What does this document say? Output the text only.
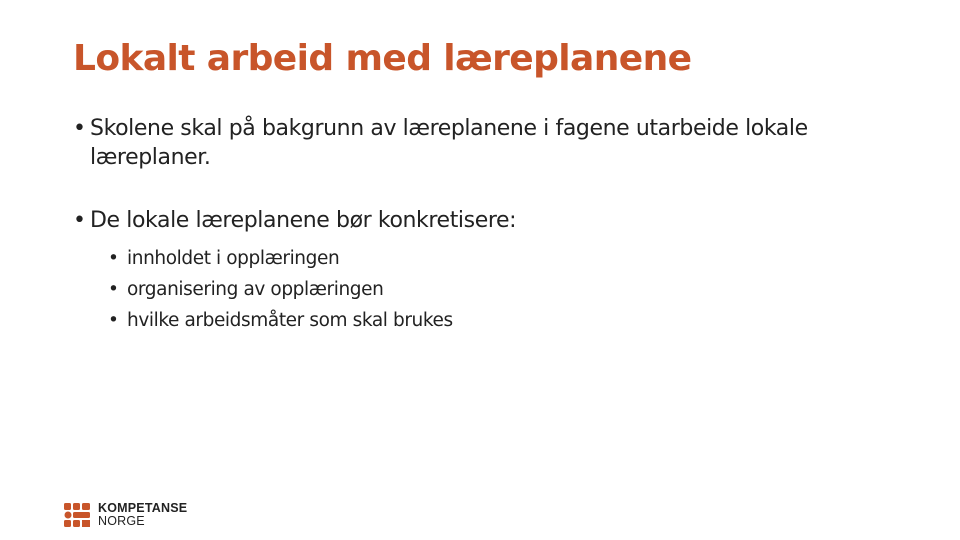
Lokalt arbeid med læreplanene
• Skolene skal på bakgrunn av læreplanene i fagene utarbeide lokale læreplaner.
• De lokale læreplanene bør konkretisere:
• innholdet i opplæringen
• organisering av opplæringen
• hvilke arbeidsmåter som skal brukes
KOMPETANSE
NORGE
